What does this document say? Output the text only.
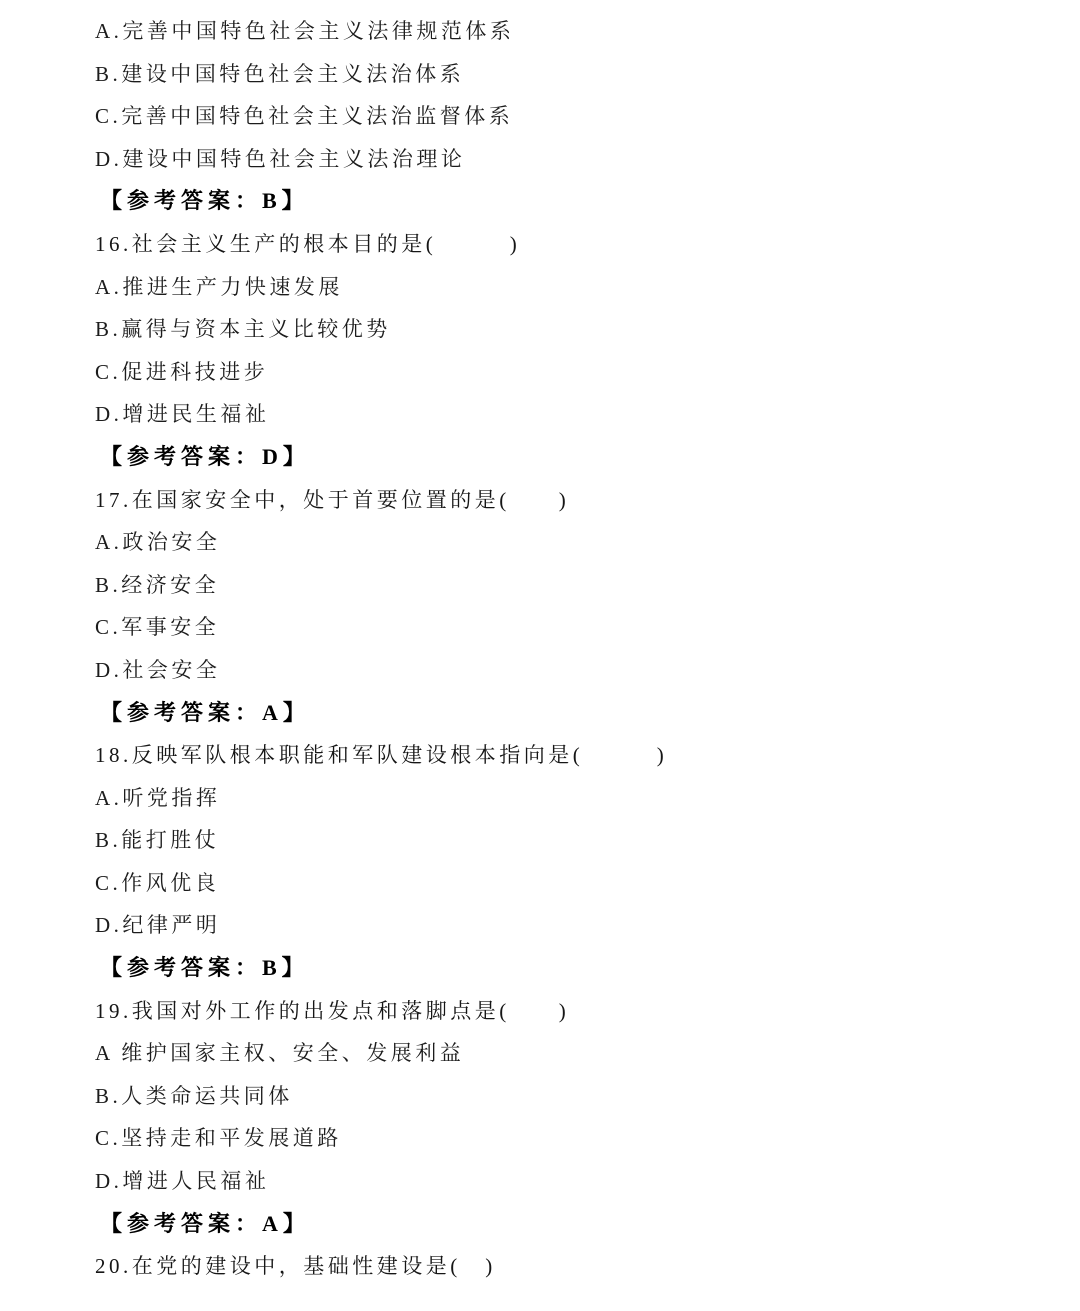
A.完善中国特色社会主义法律规范体系
B.建设中国特色社会主义法治体系
C.完善中国特色社会主义法治监督体系
D.建设中国特色社会主义法治理论
【参考答案：B】
16.社会主义生产的根本目的是(　　　)
A.推进生产力快速发展
B.赢得与资本主义比较优势
C.促进科技进步
D.增进民生福祉
【参考答案：D】
17.在国家安全中，处于首要位置的是(　　)
A.政治安全
B.经济安全
C.军事安全
D.社会安全
【参考答案：A】
18.反映军队根本职能和军队建设根本指向是(　　　)
A.听党指挥
B.能打胜仗
C.作风优良
D.纪律严明
【参考答案：B】
19.我国对外工作的出发点和落脚点是(　　)
A 维护国家主权、安全、发展利益
B.人类命运共同体
C.坚持走和平发展道路
D.增进人民福祉
【参考答案：A】
20.在党的建设中，基础性建设是(　)
